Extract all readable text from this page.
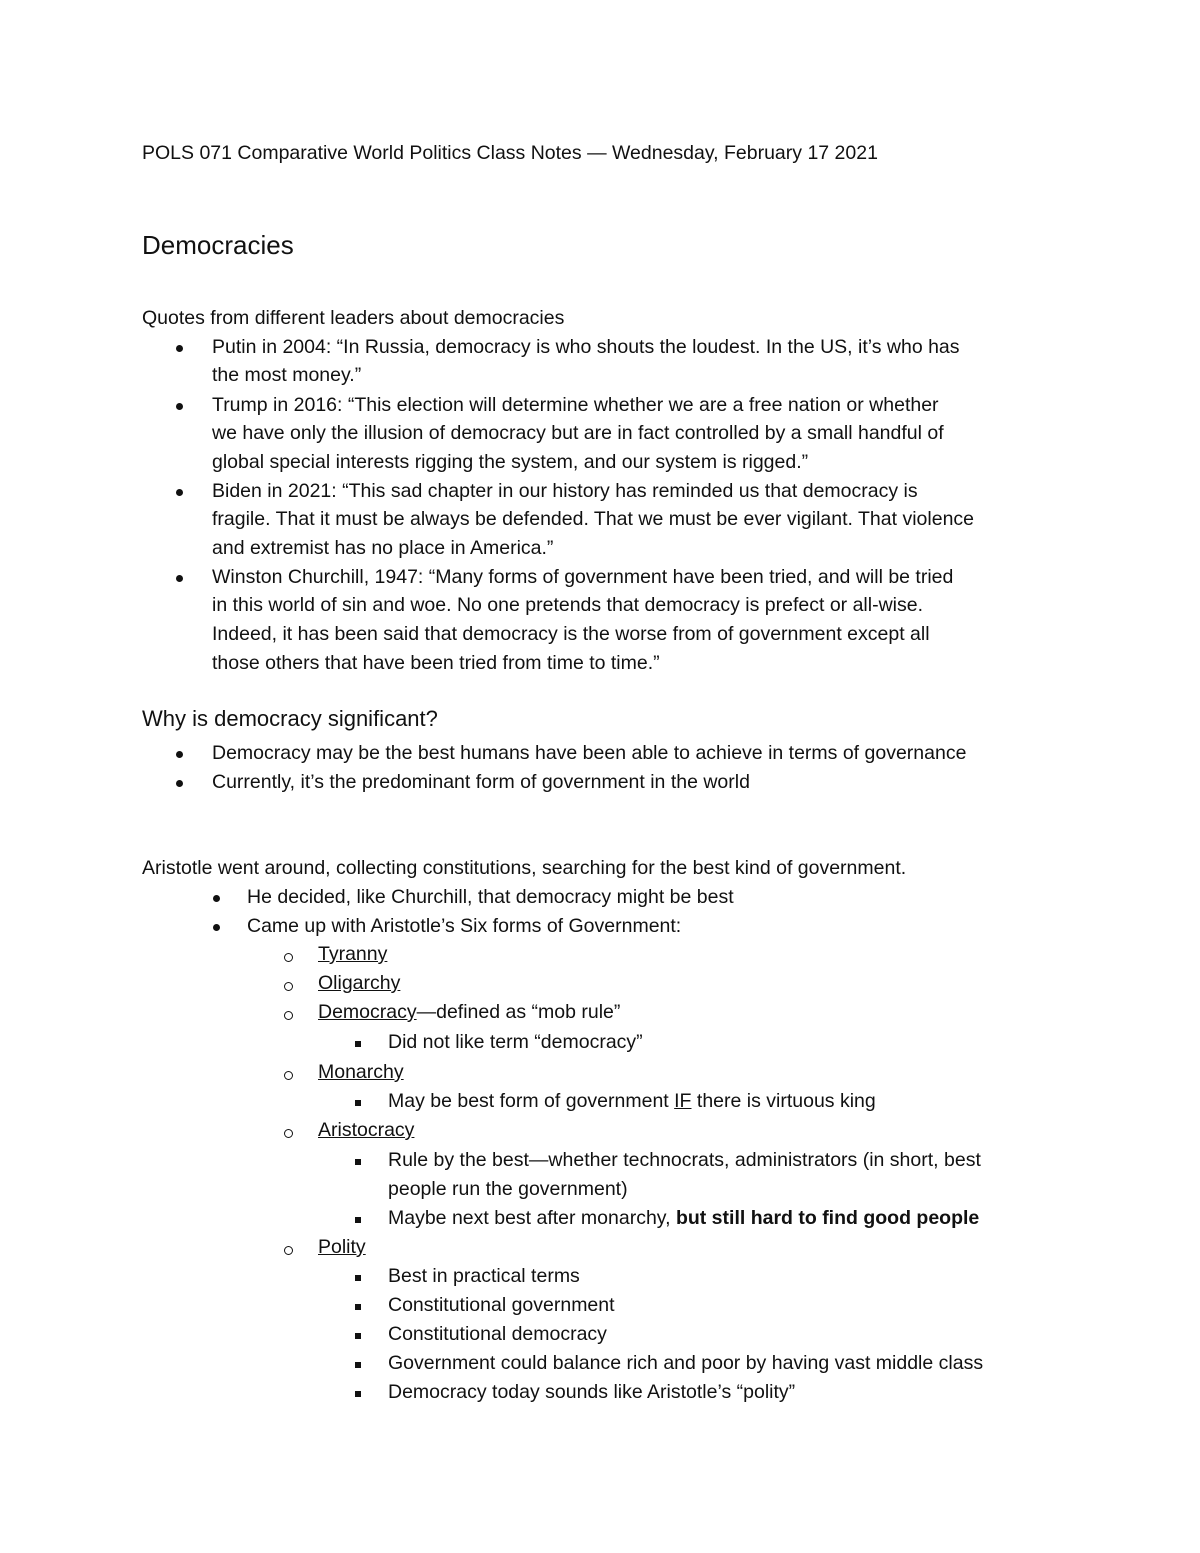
POLS 071 Comparative World Politics Class Notes — Wednesday, February 17 2021
Democracies
Quotes from different leaders about democracies
Putin in 2004: “In Russia, democracy is who shouts the loudest. In the US, it’s who has
the most money.”
Trump in 2016: “This election will determine whether we are a free nation or whether
we have only the illusion of democracy but are in fact controlled by a small handful of
global special interests rigging the system, and our system is rigged.”
Biden in 2021: “This sad chapter in our history has reminded us that democracy is
fragile. That it must be always be defended. That we must be ever vigilant. That violence
and extremist has no place in America.”
Winston Churchill, 1947: “Many forms of government have been tried, and will be tried
in this world of sin and woe. No one pretends that democracy is prefect or all-wise.
Indeed, it has been said that democracy is the worse from of government except all
those others that have been tried from time to time.”
Why is democracy significant?
Democracy may be the best humans have been able to achieve in terms of governance
Currently, it’s the predominant form of government in the world
Aristotle went around, collecting constitutions, searching for the best kind of government.
He decided, like Churchill, that democracy might be best
Came up with Aristotle’s Six forms of Government:
Tyranny
Oligarchy
Democracy—defined as “mob rule”
Did not like term “democracy”
Monarchy
May be best form of government IF there is virtuous king
Aristocracy
Rule by the best—whether technocrats, administrators (in short, best
people run the government)
Maybe next best after monarchy, but still hard to find good people
Polity
Best in practical terms
Constitutional government
Constitutional democracy
Government could balance rich and poor by having vast middle class
Democracy today sounds like Aristotle’s “polity”
